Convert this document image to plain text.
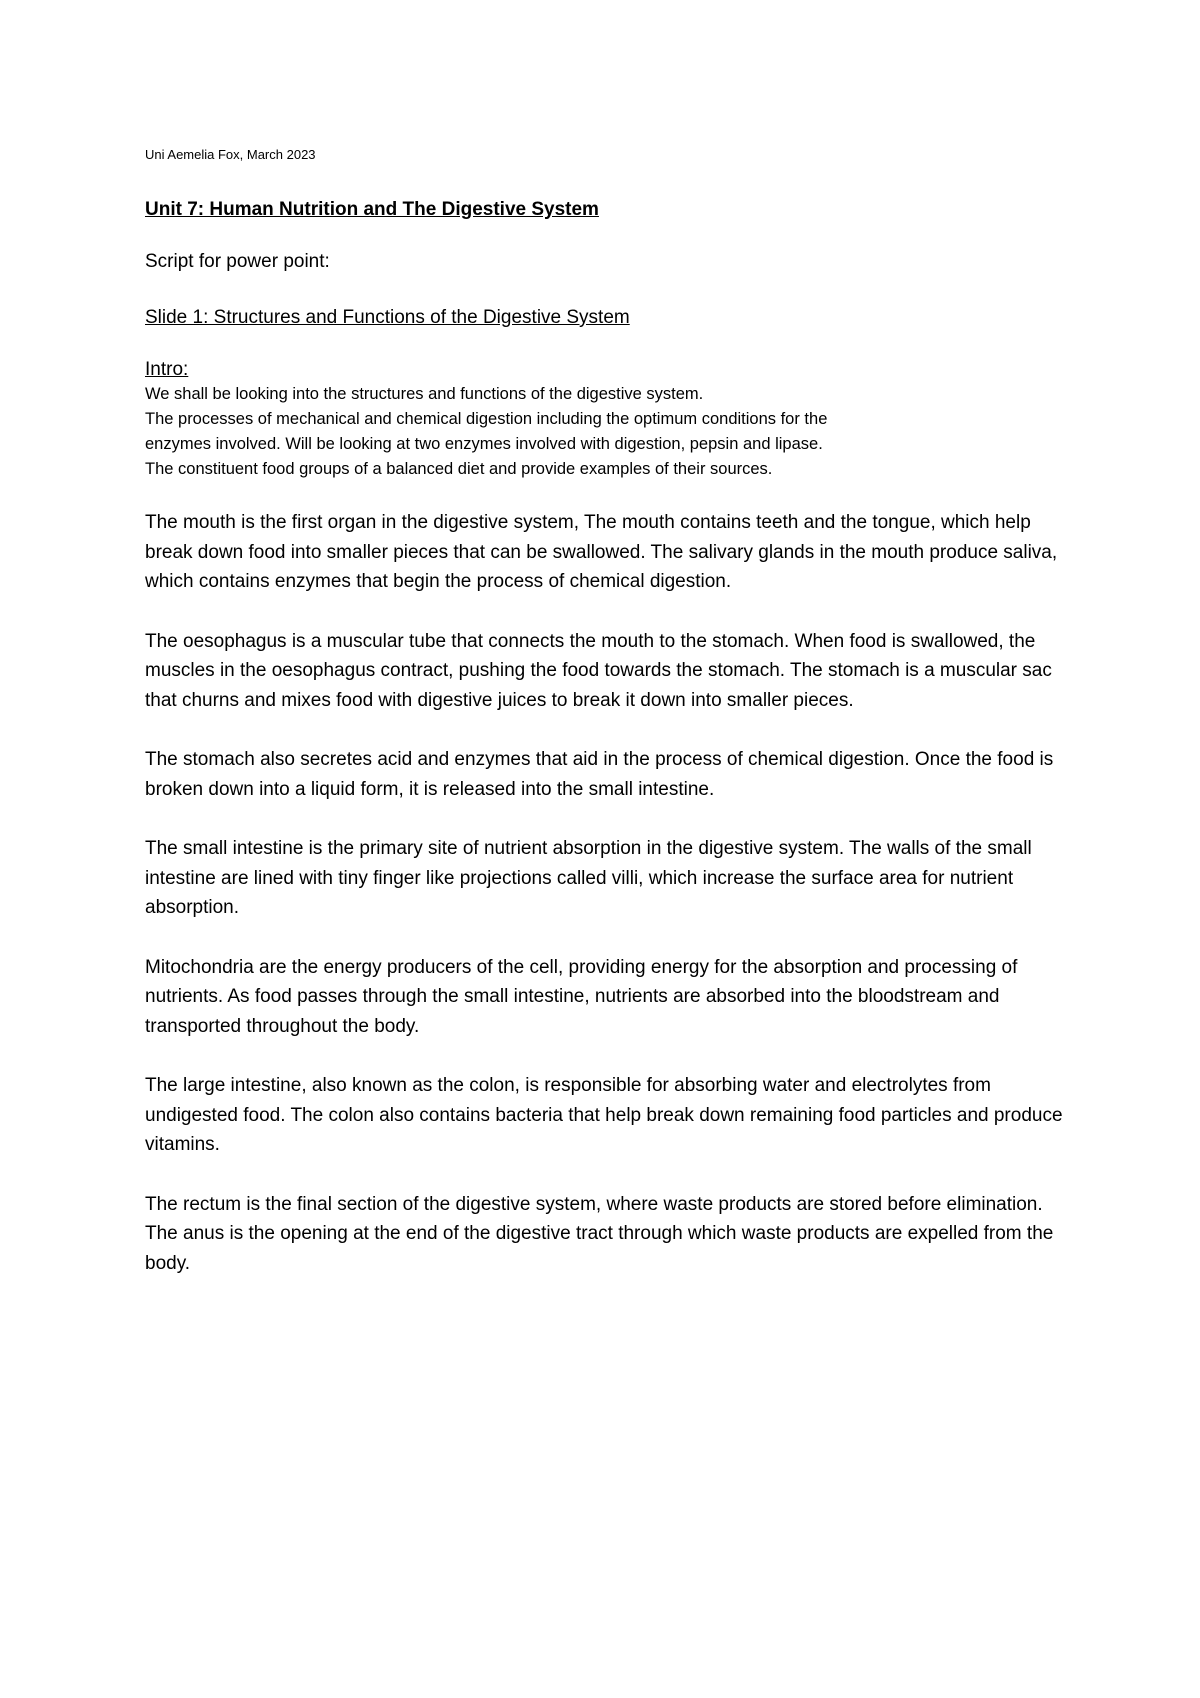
Uni Aemelia Fox, March 2023

Unit 7: Human Nutrition and The Digestive System

Script for power point:

Slide 1: Structures and Functions of the Digestive System

Intro:

We shall be looking into the structures and functions of the digestive system.
The processes of mechanical and chemical digestion including the optimum conditions for the
enzymes involved. Will be looking at two enzymes involved with digestion, pepsin and lipase.
The constituent food groups of a balanced diet and provide examples of their sources.

The mouth is the first organ in the digestive system, The mouth contains teeth and the tongue, which help break down food into smaller pieces that can be swallowed. The salivary glands in the mouth produce saliva, which contains enzymes that begin the process of chemical digestion.

The oesophagus is a muscular tube that connects the mouth to the stomach. When food is swallowed, the muscles in the oesophagus contract, pushing the food towards the stomach. The stomach is a muscular sac that churns and mixes food with digestive juices to break it down into smaller pieces.

The stomach also secretes acid and enzymes that aid in the process of chemical digestion. Once the food is broken down into a liquid form, it is released into the small intestine.

The small intestine is the primary site of nutrient absorption in the digestive system. The walls of the small intestine are lined with tiny finger like projections called villi, which increase the surface area for nutrient absorption.

Mitochondria are the energy producers of the cell, providing energy for the absorption and processing of nutrients. As food passes through the small intestine, nutrients are absorbed into the bloodstream and transported throughout the body.

The large intestine, also known as the colon, is responsible for absorbing water and electrolytes from undigested food. The colon also contains bacteria that help break down remaining food particles and produce vitamins.

The rectum is the final section of the digestive system, where waste products are stored before elimination. The anus is the opening at the end of the digestive tract through which waste products are expelled from the body.
